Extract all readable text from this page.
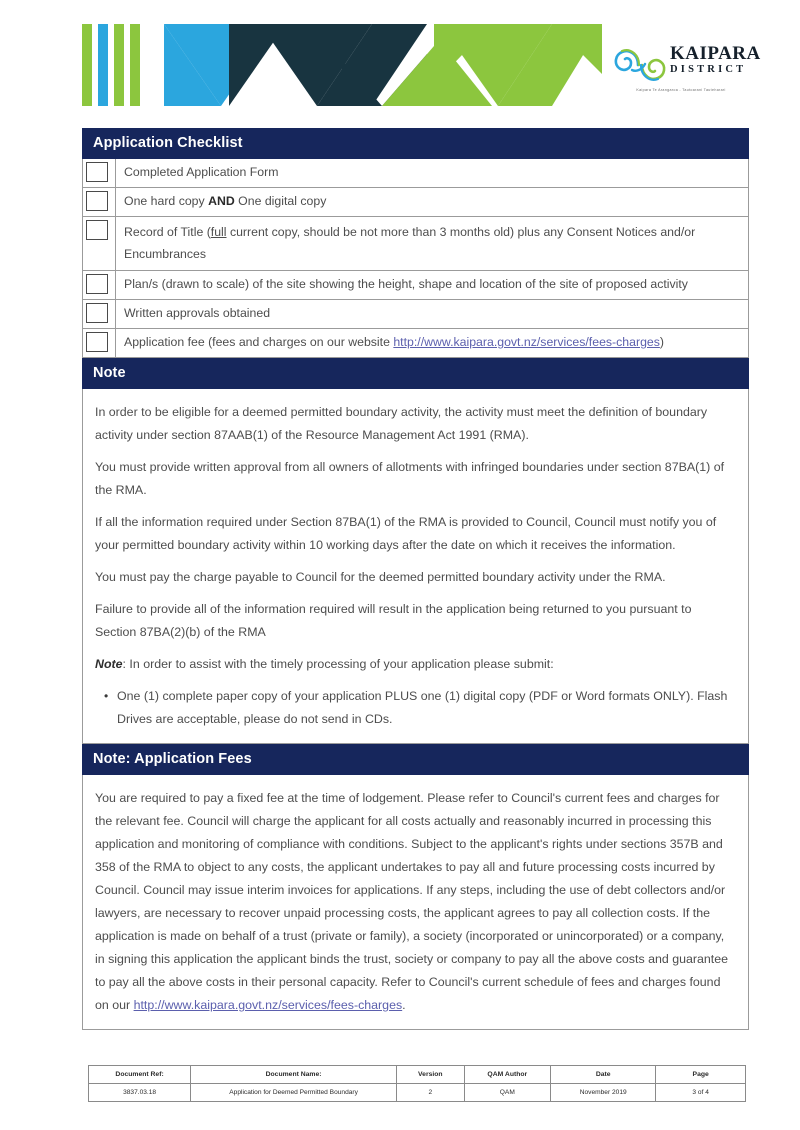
KAIPARA
DISTRICT
Kaipara Te Arangaroa - Tautoarani Tauteharari
Application Checklist
	Completed Application Form

	One hard copy AND One digital copy

	Record of Title (full current copy, should be not more than 3 months old) plus any Consent Notices and/or Encumbrances

	Plan/s (drawn to scale) of the site showing the height, shape and location of the site of proposed activity

	Written approvals obtained

	Application fee (fees and charges on our website http://www.kaipara.govt.nz/services/fees-charges)
Note

In order to be eligible for a deemed permitted boundary activity, the activity must meet the definition of boundary activity under section 87AAB(1) of the Resource Management Act 1991 (RMA).

You must provide written approval from all owners of allotments with infringed boundaries under section 87BA(1) of the RMA.

If all the information required under Section 87BA(1) of the RMA is provided to Council, Council must notify you of your permitted boundary activity within 10 working days after the date on which it receives the information.

You must pay the charge payable to Council for the deemed permitted boundary activity under the RMA.

Failure to provide all of the information required will result in the application being returned to you pursuant to Section 87BA(2)(b) of the RMA

Note: In order to assist with the timely processing of your application please submit:

• One (1) complete paper copy of your application PLUS one (1) digital copy (PDF or Word formats ONLY). Flash Drives are acceptable, please do not send in CDs.
Note: Application Fees

You are required to pay a fixed fee at the time of lodgement. Please refer to Council's current fees and charges for the relevant fee. Council will charge the applicant for all costs actually and reasonably incurred in processing this application and monitoring of compliance with conditions. Subject to the applicant's rights under sections 357B and 358 of the RMA to object to any costs, the applicant undertakes to pay all and future processing costs incurred by Council. Council may issue interim invoices for applications. If any steps, including the use of debt collectors and/or lawyers, are necessary to recover unpaid processing costs, the applicant agrees to pay all collection costs. If the application is made on behalf of a trust (private or family), a society (incorporated or unincorporated) or a company, in signing this application the applicant binds the trust, society or company to pay all the above costs and guarantee to pay all the above costs in their personal capacity. Refer to Council's current schedule of fees and charges found on our http://www.kaipara.govt.nz/services/fees-charges.

Document Ref:	Document Name:	Version	QAM Author	Date	Page
3837.03.18	Application for Deemed Permitted Boundary	2	QAM	November 2019	3 of 4
